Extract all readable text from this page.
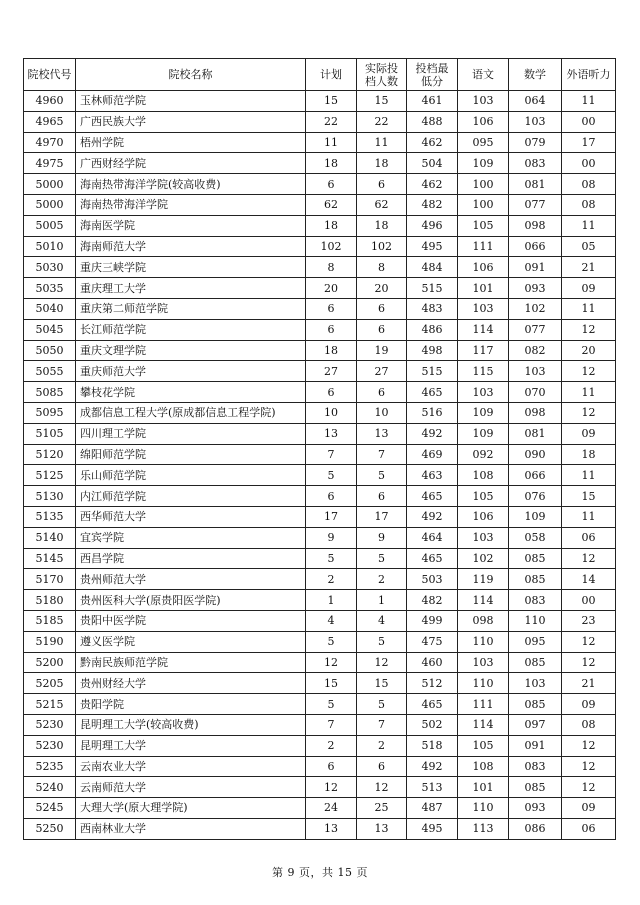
院校代号	院校名称	计划	实际投档人数	投档最低分	语文	数学	外语听力
4960	玉林师范学院	15	15	461	103	064	11
4965	广西民族大学	22	22	488	106	103	00
4970	梧州学院	11	11	462	095	079	17
4975	广西财经学院	18	18	504	109	083	00
5000	海南热带海洋学院(较高收费)	6	6	462	100	081	08
5000	海南热带海洋学院	62	62	482	100	077	08
5005	海南医学院	18	18	496	105	098	11
5010	海南师范大学	102	102	495	111	066	05
5030	重庆三峡学院	8	8	484	106	091	21
5035	重庆理工大学	20	20	515	101	093	09
5040	重庆第二师范学院	6	6	483	103	102	11
5045	长江师范学院	6	6	486	114	077	12
5050	重庆文理学院	18	19	498	117	082	20
5055	重庆师范大学	27	27	515	115	103	12
5085	攀枝花学院	6	6	465	103	070	11
5095	成都信息工程大学(原成都信息工程学院)	10	10	516	109	098	12
5105	四川理工学院	13	13	492	109	081	09
5120	绵阳师范学院	7	7	469	092	090	18
5125	乐山师范学院	5	5	463	108	066	11
5130	内江师范学院	6	6	465	105	076	15
5135	西华师范大学	17	17	492	106	109	11
5140	宜宾学院	9	9	464	103	058	06
5145	西昌学院	5	5	465	102	085	12
5170	贵州师范大学	2	2	503	119	085	14
5180	贵州医科大学(原贵阳医学院)	1	1	482	114	083	00
5185	贵阳中医学院	4	4	499	098	110	23
5190	遵义医学院	5	5	475	110	095	12
5200	黔南民族师范学院	12	12	460	103	085	12
5205	贵州财经大学	15	15	512	110	103	21
5215	贵阳学院	5	5	465	111	085	09
5230	昆明理工大学(较高收费)	7	7	502	114	097	08
5230	昆明理工大学	2	2	518	105	091	12
5235	云南农业大学	6	6	492	108	083	12
5240	云南师范大学	12	12	513	101	085	12
5245	大理大学(原大理学院)	24	25	487	110	093	09
5250	西南林业大学	13	13	495	113	086	06
第 9 页，共 15 页
